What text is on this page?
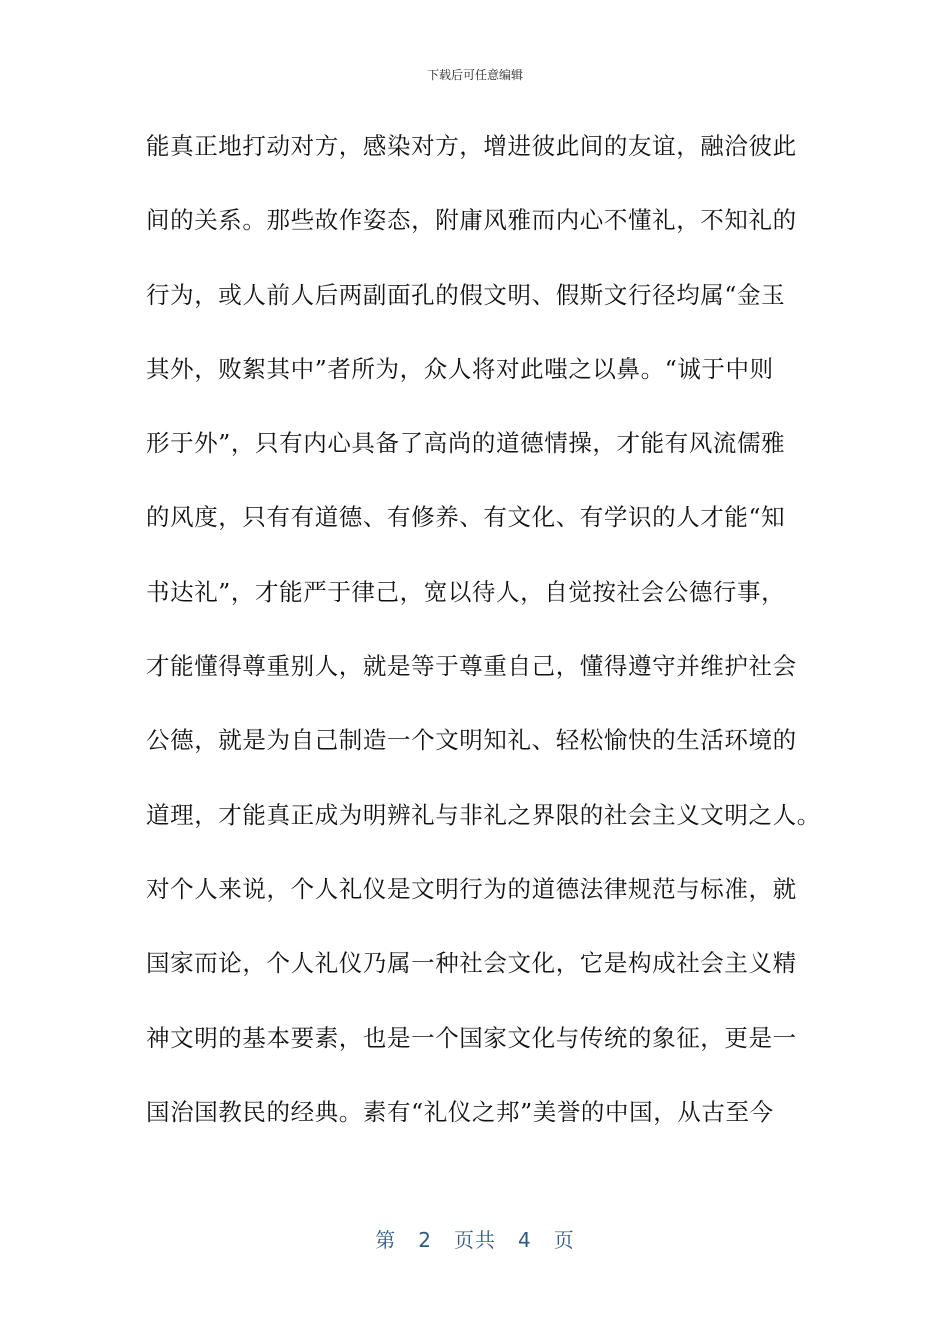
下载后可任意编辑
能真正地打动对方，感染对方，增进彼此间的友谊，融洽彼此
间的关系。那些故作姿态，附庸风雅而内心不懂礼，不知礼的
行为，或人前人后两副面孔的假文明、假斯文行径均属“金玉
其外，败絮其中”者所为，众人将对此嗤之以鼻。“诚于中则
形于外”，只有内心具备了高尚的道德情操，才能有风流儒雅
的风度，只有有道德、有修养、有文化、有学识的人才能“知
书达礼”，才能严于律己，宽以待人，自觉按社会公德行事，
才能懂得尊重别人，就是等于尊重自己，懂得遵守并维护社会
公德，就是为自己制造一个文明知礼、轻松愉快的生活环境的
道理，才能真正成为明辨礼与非礼之界限的社会主义文明之人。
对个人来说，个人礼仪是文明行为的道德法律规范与标准，就
国家而论，个人礼仪乃属一种社会文化，它是构成社会主义精
神文明的基本要素，也是一个国家文化与传统的象征，更是一
国治国教民的经典。素有“礼仪之邦”美誉的中国，从古至今
第 2 页共 4 页
